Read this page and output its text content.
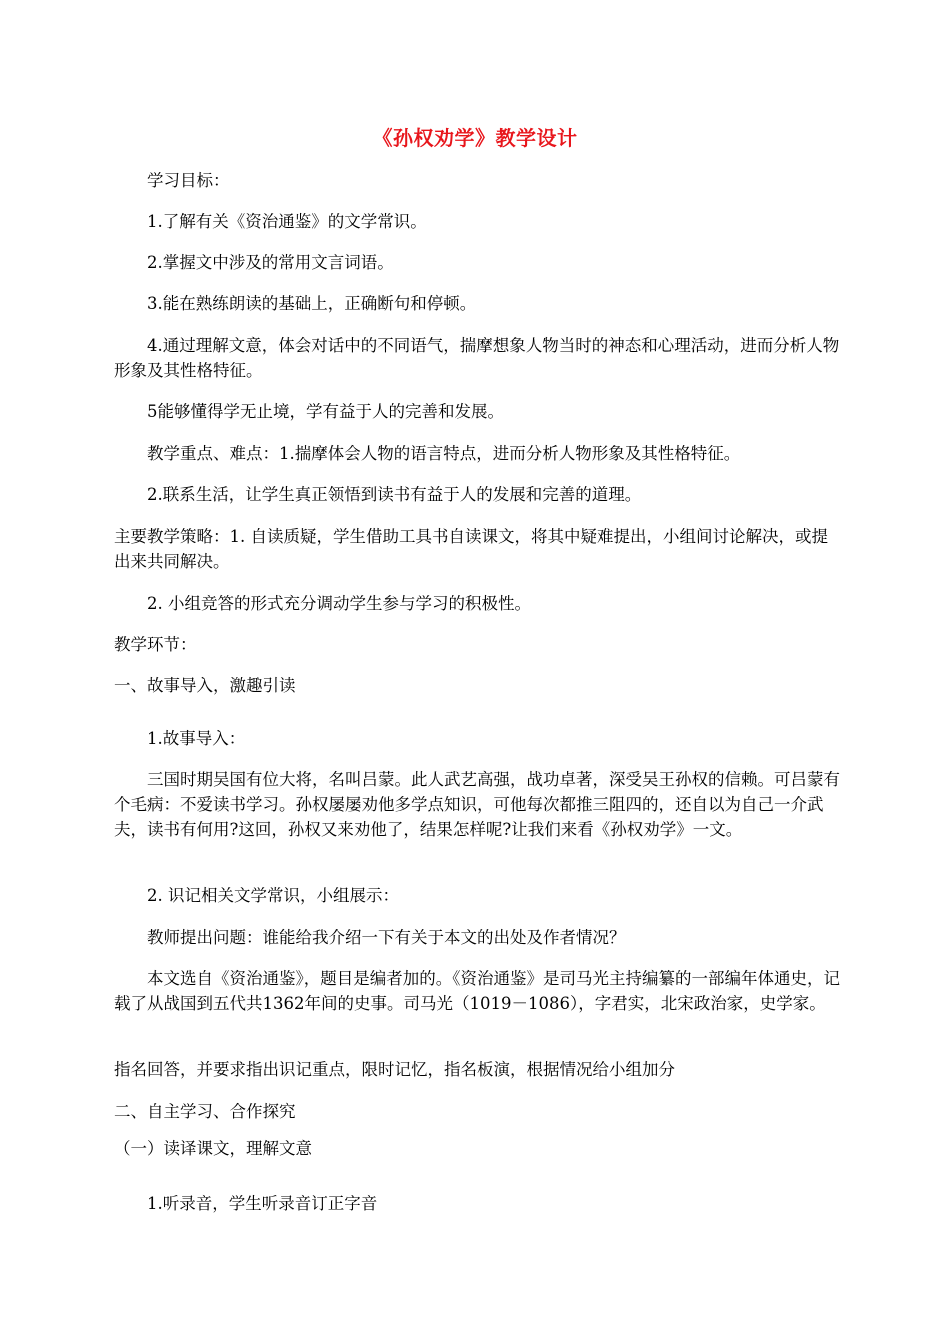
《孙权劝学》教学设计
学习目标：
1.了解有关《资治通鉴》的文学常识。
2.掌握文中涉及的常用文言词语。
3.能在熟练朗读的基础上，正确断句和停顿。
4.通过理解文意，体会对话中的不同语气，揣摩想象人物当时的神态和心理活动，进而分析人物形象及其性格特征。
5能够懂得学无止境，学有益于人的完善和发展。
教学重点、难点：1.揣摩体会人物的语言特点，进而分析人物形象及其性格特征。
2.联系生活，让学生真正领悟到读书有益于人的发展和完善的道理。
主要教学策略：1. 自读质疑，学生借助工具书自读课文，将其中疑难提出，小组间讨论解决，或提出来共同解决。
2. 小组竞答的形式充分调动学生参与学习的积极性。
教学环节：
一、故事导入，激趣引读
1.故事导入：
三国时期吴国有位大将，名叫吕蒙。此人武艺高强，战功卓著，深受吴王孙权的信赖。可吕蒙有个毛病：不爱读书学习。孙权屡屡劝他多学点知识，可他每次都推三阻四的，还自以为自己一介武夫，读书有何用?这回，孙权又来劝他了，结果怎样呢?让我们来看《孙权劝学》一文。
2. 识记相关文学常识，小组展示：
教师提出问题：谁能给我介绍一下有关于本文的出处及作者情况？
本文选自《资治通鉴》，题目是编者加的。《资治通鉴》是司马光主持编纂的一部编年体通史，记载了从战国到五代共1362年间的史事。司马光（1019－1086），字君实，北宋政治家，史学家。
指名回答，并要求指出识记重点，限时记忆，指名板演，根据情况给小组加分
二、自主学习、合作探究
（一）读译课文，理解文意
1.听录音，学生听录音订正字音
